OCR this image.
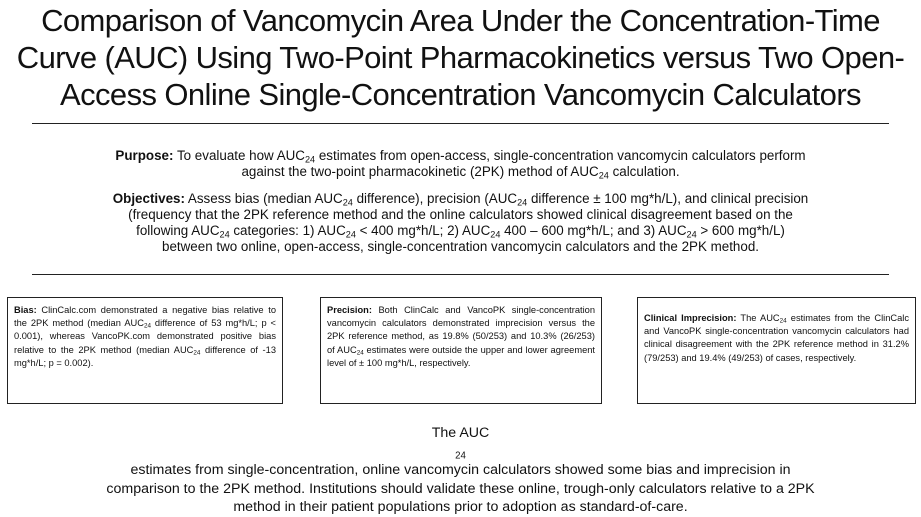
Comparison of Vancomycin Area Under the Concentration-Time
Curve (AUC) Using Two-Point Pharmacokinetics versus Two Open-
Access Online Single-Concentration Vancomycin Calculators
Purpose: To evaluate how $AUC_{24}$ estimates from open-access, single-concentration vancomycin calculators perform
against the two-point pharmacokinetic (2PK) method of $AUC_{24}$ calculation.
Objectives: Assess bias (median $AUC_{24}$ difference), precision ($AUC_{24}$ difference ± 100 mg*h/L), and clinical precision
(frequency that the 2PK reference method and the online calculators showed clinical disagreement based on the
following $AUC_{24}$ categories: 1) $AUC_{24} < 400$ mg*h/L; 2) $AUC_{24}$ 400 – 600 mg*h/L; and 3) $AUC_{24} > 600$ mg*h/L)
between two online, open-access, single-concentration vancomycin calculators and the 2PK method.
Bias: ClinCalc.com demonstrated a negative bias relative to the 2PK method (median $AUC_{24}$ difference of 53 mg*h/L; p < 0.001), whereas VancoPK.com demonstrated positive bias relative to the 2PK method (median $AUC_{24}$ difference of -13 mg*h/L; p = 0.002).
Precision: Both ClinCalc and VancoPK single-concentration vancomycin calculators demonstrated imprecision versus the 2PK reference method, as 19.8% (50/253) and 10.3% (26/253) of $AUC_{24}$ estimates were outside the upper and lower agreement level of ± 100 mg*h/L, respectively.
Clinical Imprecision: The $AUC_{24}$ estimates from the ClinCalc and VancoPK single-concentration vancomycin calculators had clinical disagreement with the 2PK reference method in 31.2% (79/253) and 19.4% (49/253) of cases, respectively.
The AUC
$_{24}$
estimates from single-concentration, online vancomycin calculators showed some bias and imprecision in
comparison to the 2PK method. Institutions should validate these online, trough-only calculators relative to a 2PK
method in their patient populations prior to adoption as standard-of-care.
